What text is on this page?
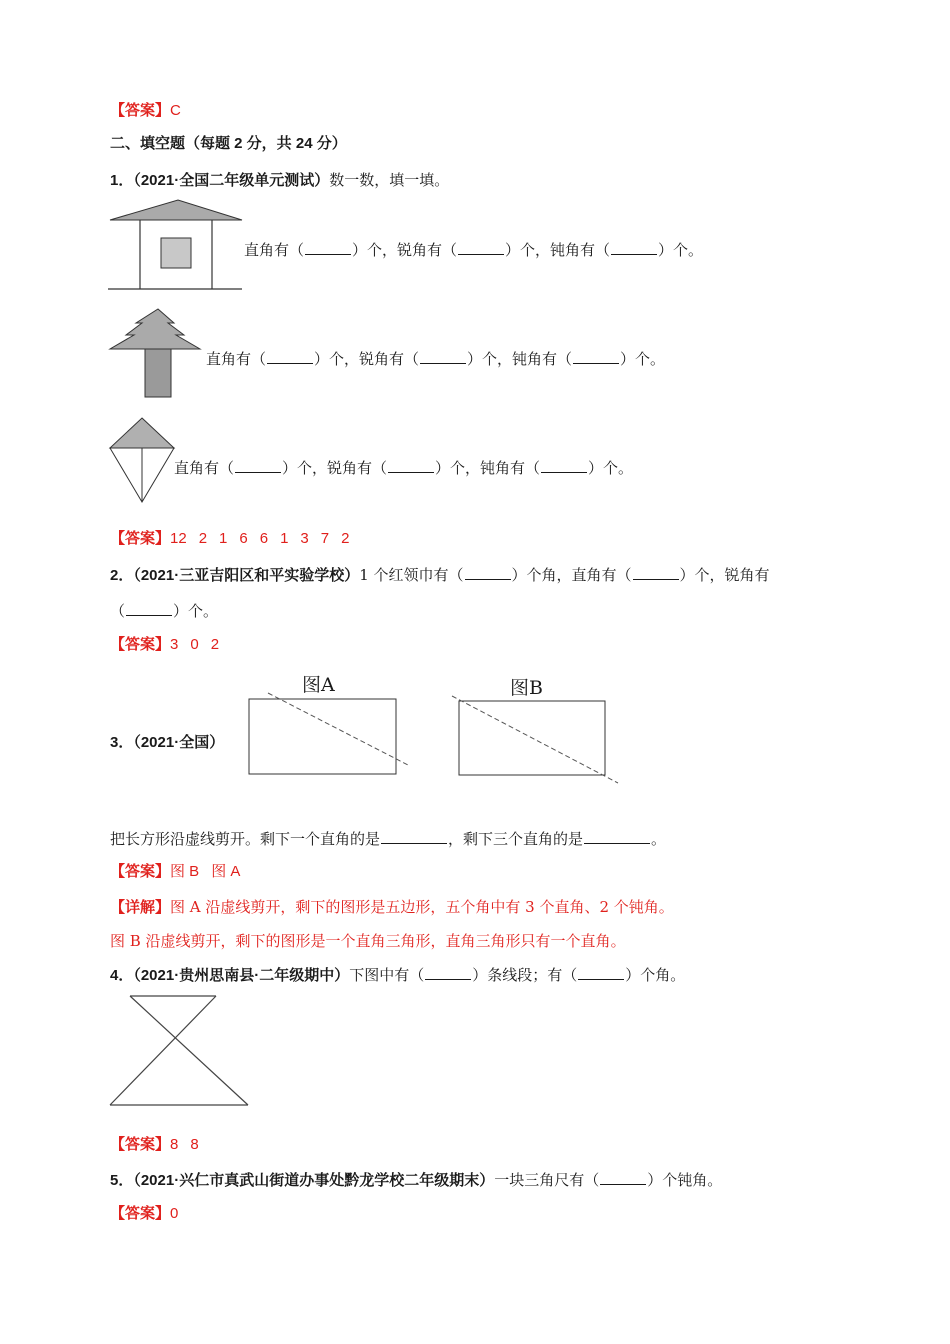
【答案】C
二、填空题（每题 2 分，共 24 分）
1．（2021·全国二年级单元测试）数一数，填一填。
直角有（	）个，锐角有（	）个，钝角有（	）个。
直角有（	）个，锐角有（	）个，钝角有（	）个。
直角有（	）个，锐角有（	）个，钝角有（	）个。
【答案】12 2 1 6 6 1 3 7 2
2．（2021·三亚吉阳区和平实验学校）1 个红领巾有（	）个角，直角有（	）个，锐角有
（	）个。
【答案】3 0 2
3．（2021·全国）
图A	图B
把长方形沿虚线剪开。剩下一个直角的是	，剩下三个直角的是	。
【答案】图 B 图 A
【详解】图 A 沿虚线剪开，剩下的图形是五边形，五个角中有 3 个直角、2 个钝角。
图 B 沿虚线剪开，剩下的图形是一个直角三角形，直角三角形只有一个直角。
4．（2021·贵州思南县·二年级期中）下图中有（	）条线段；有（	）个角。
【答案】8 8
5．（2021·兴仁市真武山街道办事处黔龙学校二年级期末）一块三角尺有（	）个钝角。
【答案】0
